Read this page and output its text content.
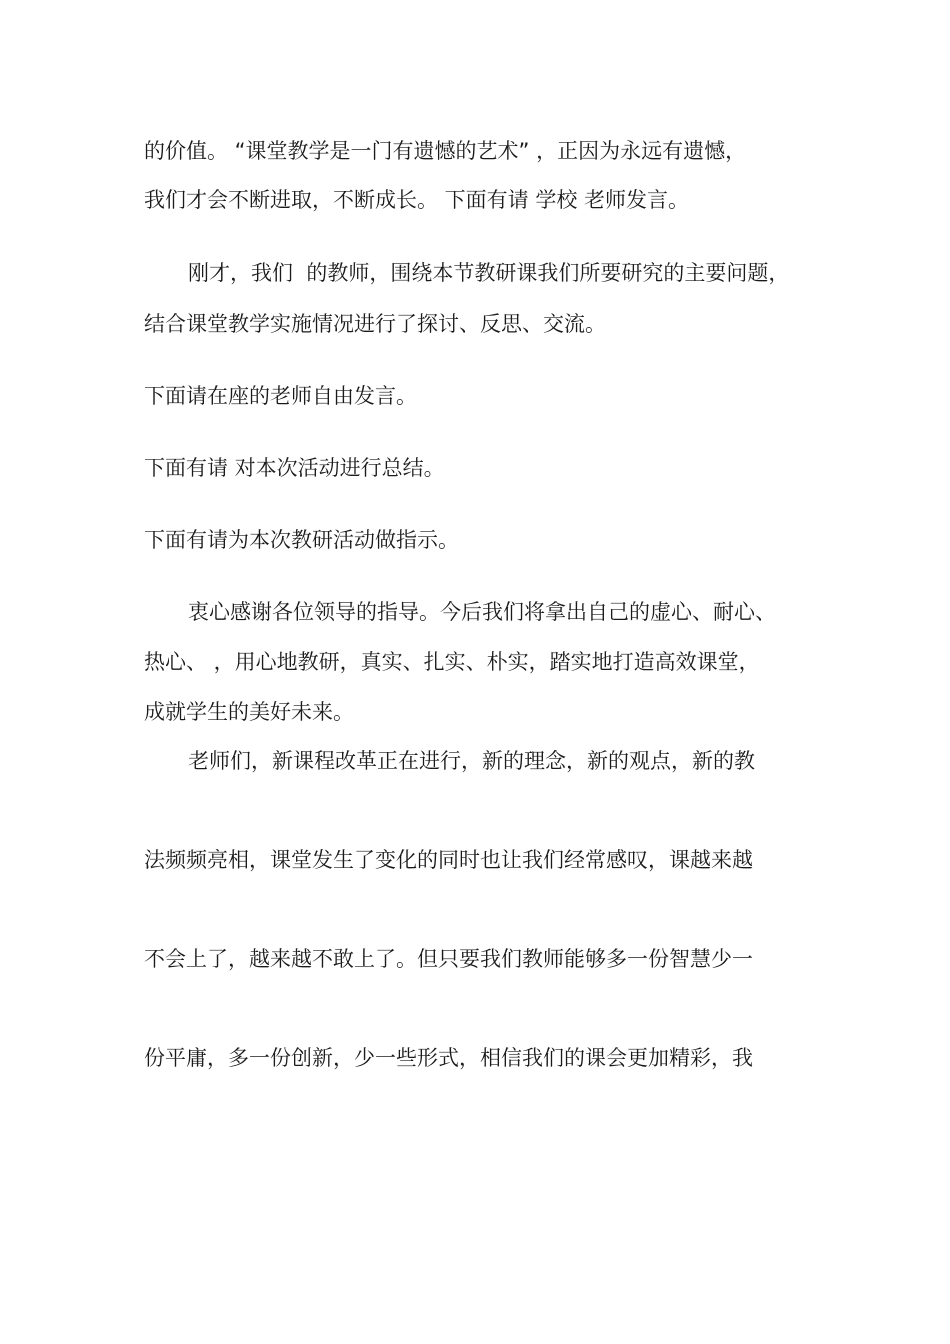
的价值。 “课堂教学是一门有遗憾的艺术” ，正因为永远有遗憾，

我们才会不断进取，不断成长。 下面有请 学校 老师发言。

刚才，我们  的教师，围绕本节教研课我们所要研究的主要问题，

结合课堂教学实施情况进行了探讨、反思、交流。

下面请在座的老师自由发言。

下面有请 对本次活动进行总结。

下面有请为本次教研活动做指示。

衷心感谢各位领导的指导。今后我们将拿出自己的虚心、耐心、

热心、 ，用心地教研，真实、扎实、朴实，踏实地打造高效课堂，

成就学生的美好未来。

老师们，新课程改革正在进行，新的理念，新的观点，新的教

法频频亮相，课堂发生了变化的同时也让我们经常感叹，课越来越

不会上了，越来越不敢上了。但只要我们教师能够多一份智慧少一

份平庸，多一份创新，少一些形式，相信我们的课会更加精彩，我
